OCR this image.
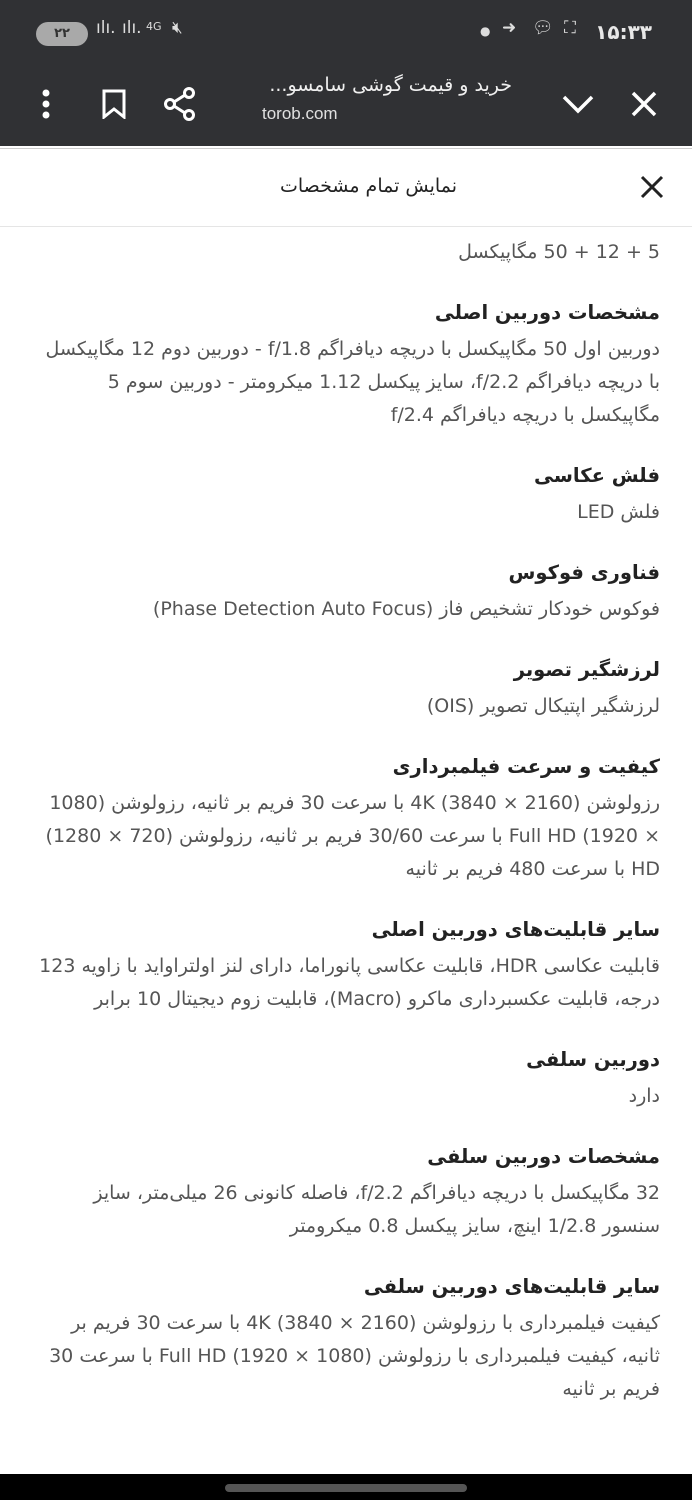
۲۲	ılı. ılı. 4G 🔇︎	● ➜ 💬︎ ⛶ ۱۵:۳۳
خرید و قیمت گوشی سامسو...
torob.com
نمایش تمام مشخصات
5 + 12 + 50 مگاپیکسل
مشخصات دوربین اصلی
دوربین اول 50 مگاپیکسل با دریچه دیافراگم f/1.8 - دوربین دوم 12 مگاپیکسل با دریچه دیافراگم f/2.2، سایز پیکسل 1.12 میکرومتر - دوربین سوم 5 مگاپیکسل با دریچه دیافراگم f/2.4
فلش عکاسی
فلش LED
فناوری فوکوس
فوکوس خودکار تشخیص فاز (Phase Detection Auto Focus)
لرزشگیر تصویر
لرزشگیر اپتیکال تصویر (OIS)
کیفیت و سرعت فیلمبرداری
رزولوشن (2160 × 3840) 4K با سرعت 30 فریم بر ثانیه، رزولوشن (1080 × 1920) Full HD با سرعت 30/60 فریم بر ثانیه، رزولوشن (720 × 1280) HD با سرعت 480 فریم بر ثانیه
سایر قابلیت‌های دوربین اصلی
قابلیت عکاسی HDR، قابلیت عکاسی پانوراما، دارای لنز اولتراواید با زاویه 123 درجه، قابلیت عکسبرداری ماکرو (Macro)، قابلیت زوم دیجیتال 10 برابر
دوربین سلفی
دارد
مشخصات دوربین سلفی
32 مگاپیکسل با دریچه دیافراگم f/2.2، فاصله کانونی 26 میلی‌متر، سایز سنسور 1/2.8 اینچ، سایز پیکسل 0.8 میکرومتر
سایر قابلیت‌های دوربین سلفی
کیفیت فیلمبرداری با رزولوشن (2160 × 3840) 4K با سرعت 30 فریم بر ثانیه، کیفیت فیلمبرداری با رزولوشن (1080 × 1920) Full HD با سرعت 30 فریم بر ثانیه
